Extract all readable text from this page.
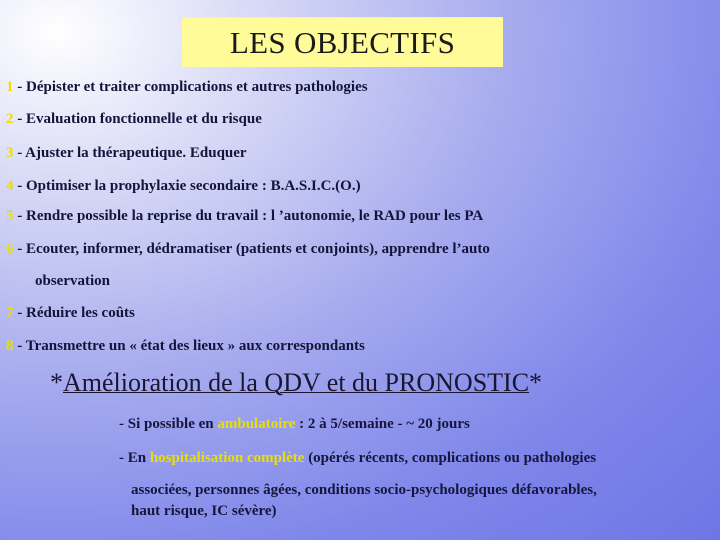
LES OBJECTIFS
1 - Dépister et traiter complications et autres pathologies
2 - Evaluation fonctionnelle et du risque
3 - Ajuster la thérapeutique. Eduquer
4 - Optimiser la prophylaxie secondaire : B.A.S.I.C.(O.)
5 - Rendre possible la reprise du travail : l ’autonomie, le RAD pour les PA
6 - Ecouter, informer, dédramatiser (patients et conjoints), apprendre l’auto
observation
7 - Réduire les coûts
8 - Transmettre un « état des lieux » aux correspondants
*Amélioration de la QDV et du PRONOSTIC*
- Si possible en ambulatoire : 2 à 5/semaine - ~ 20 jours
- En hospitalisation complète (opérés récents, complications ou pathologies
associées, personnes âgées, conditions socio-psychologiques défavorables,
haut risque, IC sévère)
